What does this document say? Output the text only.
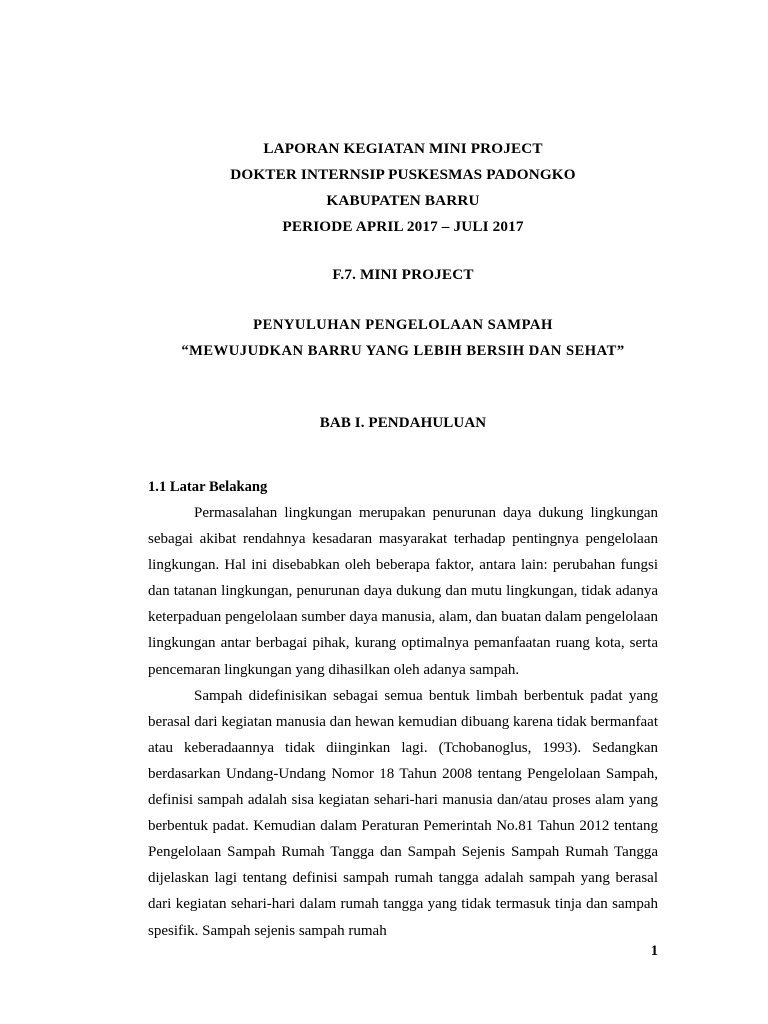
LAPORAN KEGIATAN MINI PROJECT
DOKTER INTERNSIP PUSKESMAS PADONGKO
KABUPATEN BARRU
PERIODE APRIL 2017 – JULI 2017
F.7. MINI PROJECT
PENYULUHAN PENGELOLAAN SAMPAH
“MEWUJUDKAN BARRU YANG LEBIH BERSIH DAN SEHAT”
BAB I. PENDAHULUAN
1.1 Latar Belakang

Permasalahan lingkungan merupakan penurunan daya dukung lingkungan sebagai akibat rendahnya kesadaran masyarakat terhadap pentingnya pengelolaan lingkungan. Hal ini disebabkan oleh beberapa faktor, antara lain: perubahan fungsi dan tatanan lingkungan, penurunan daya dukung dan mutu lingkungan, tidak adanya keterpaduan pengelolaan sumber daya manusia, alam, dan buatan dalam pengelolaan lingkungan antar berbagai pihak, kurang optimalnya pemanfaatan ruang kota, serta pencemaran lingkungan yang dihasilkan oleh adanya sampah.

Sampah didefinisikan sebagai semua bentuk limbah berbentuk padat yang berasal dari kegiatan manusia dan hewan kemudian dibuang karena tidak bermanfaat atau keberadaannya tidak diinginkan lagi. (Tchobanoglus, 1993). Sedangkan berdasarkan Undang-Undang Nomor 18 Tahun 2008 tentang Pengelolaan Sampah, definisi sampah adalah sisa kegiatan sehari-hari manusia dan/atau proses alam yang berbentuk padat. Kemudian dalam Peraturan Pemerintah No.81 Tahun 2012 tentang Pengelolaan Sampah Rumah Tangga dan Sampah Sejenis Sampah Rumah Tangga dijelaskan lagi tentang definisi sampah rumah tangga adalah sampah yang berasal dari kegiatan sehari-hari dalam rumah tangga yang tidak termasuk tinja dan sampah spesifik. Sampah sejenis sampah rumah

1
